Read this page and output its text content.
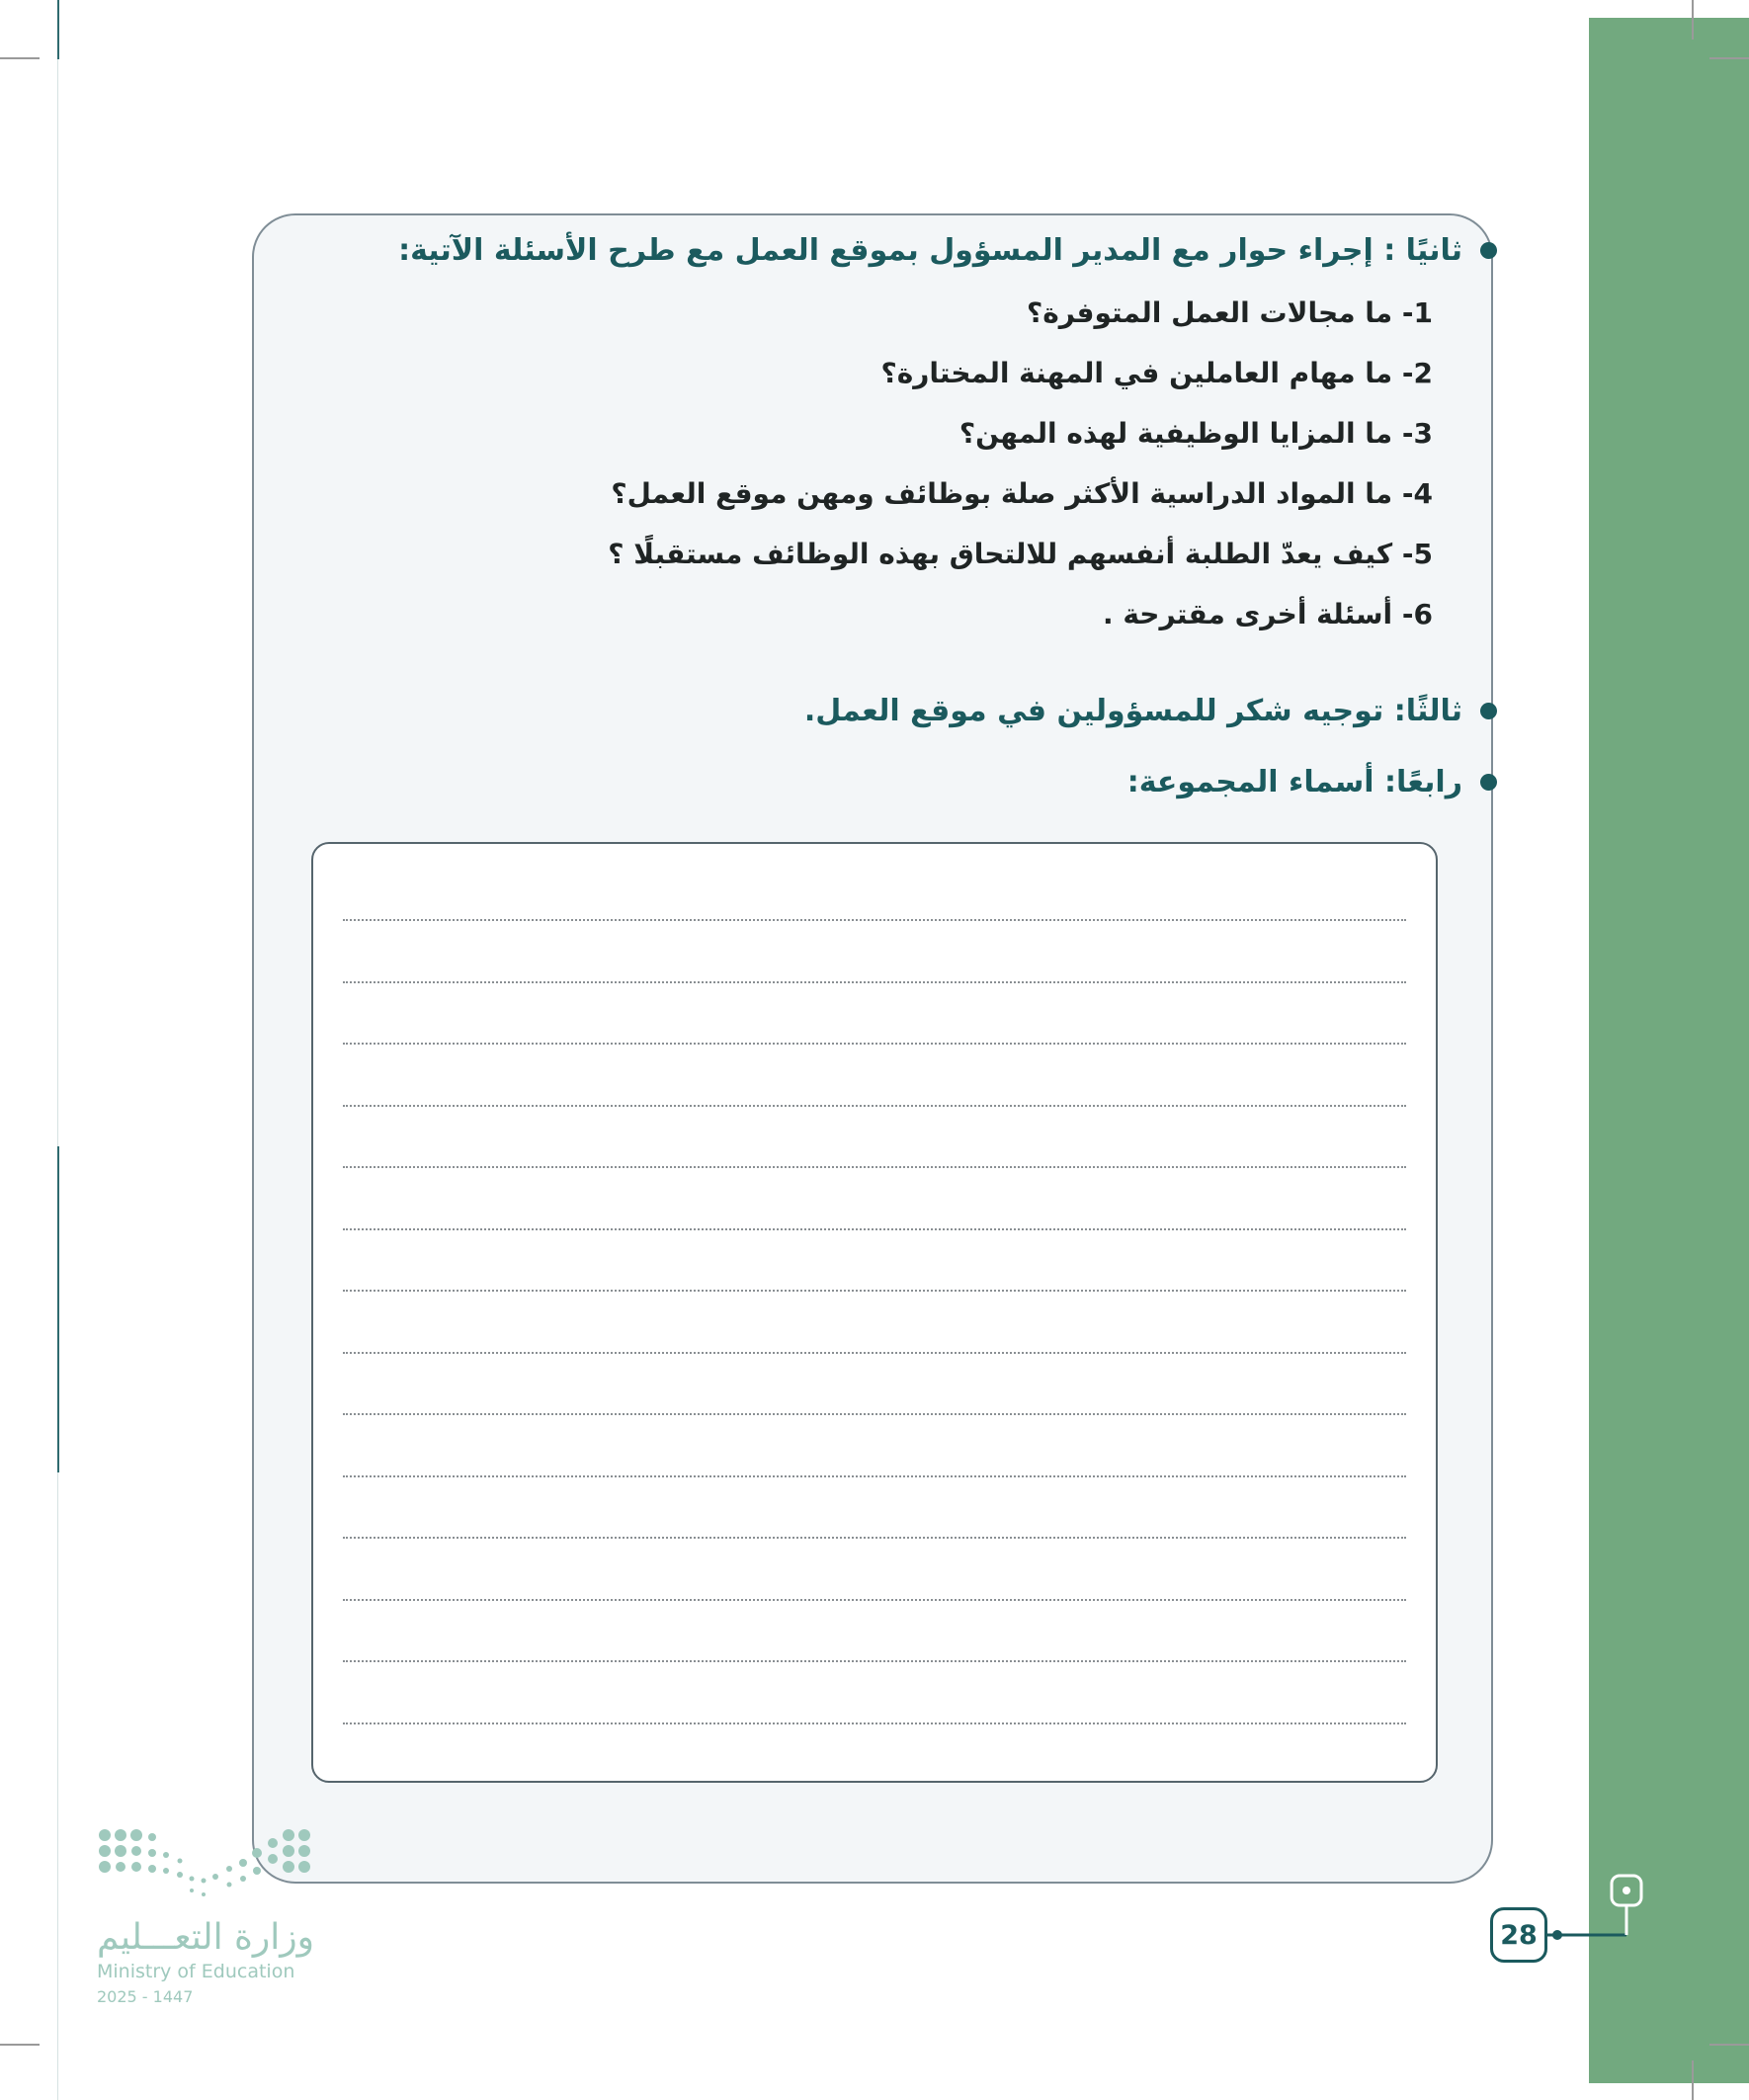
ثانيًا : إجراء حوار مع المدير المسؤول بموقع العمل مع طرح الأسئلة الآتية:
1- ما مجالات العمل المتوفرة؟
2- ما مهام العاملين في المهنة المختارة؟
3- ما المزايا الوظيفية لهذه المهن؟
4- ما المواد الدراسية الأكثر صلة بوظائف ومهن موقع العمل؟
5- كيف يعدّ الطلبة أنفسهم للالتحاق بهذه الوظائف مستقبلًا ؟
6- أسئلة أخرى مقترحة .
ثالثًا: توجيه شكر للمسؤولين في موقع العمل.
رابعًا: أسماء المجموعة:
وزارة التعـــليم
Ministry of Education
2025 - 1447
28
